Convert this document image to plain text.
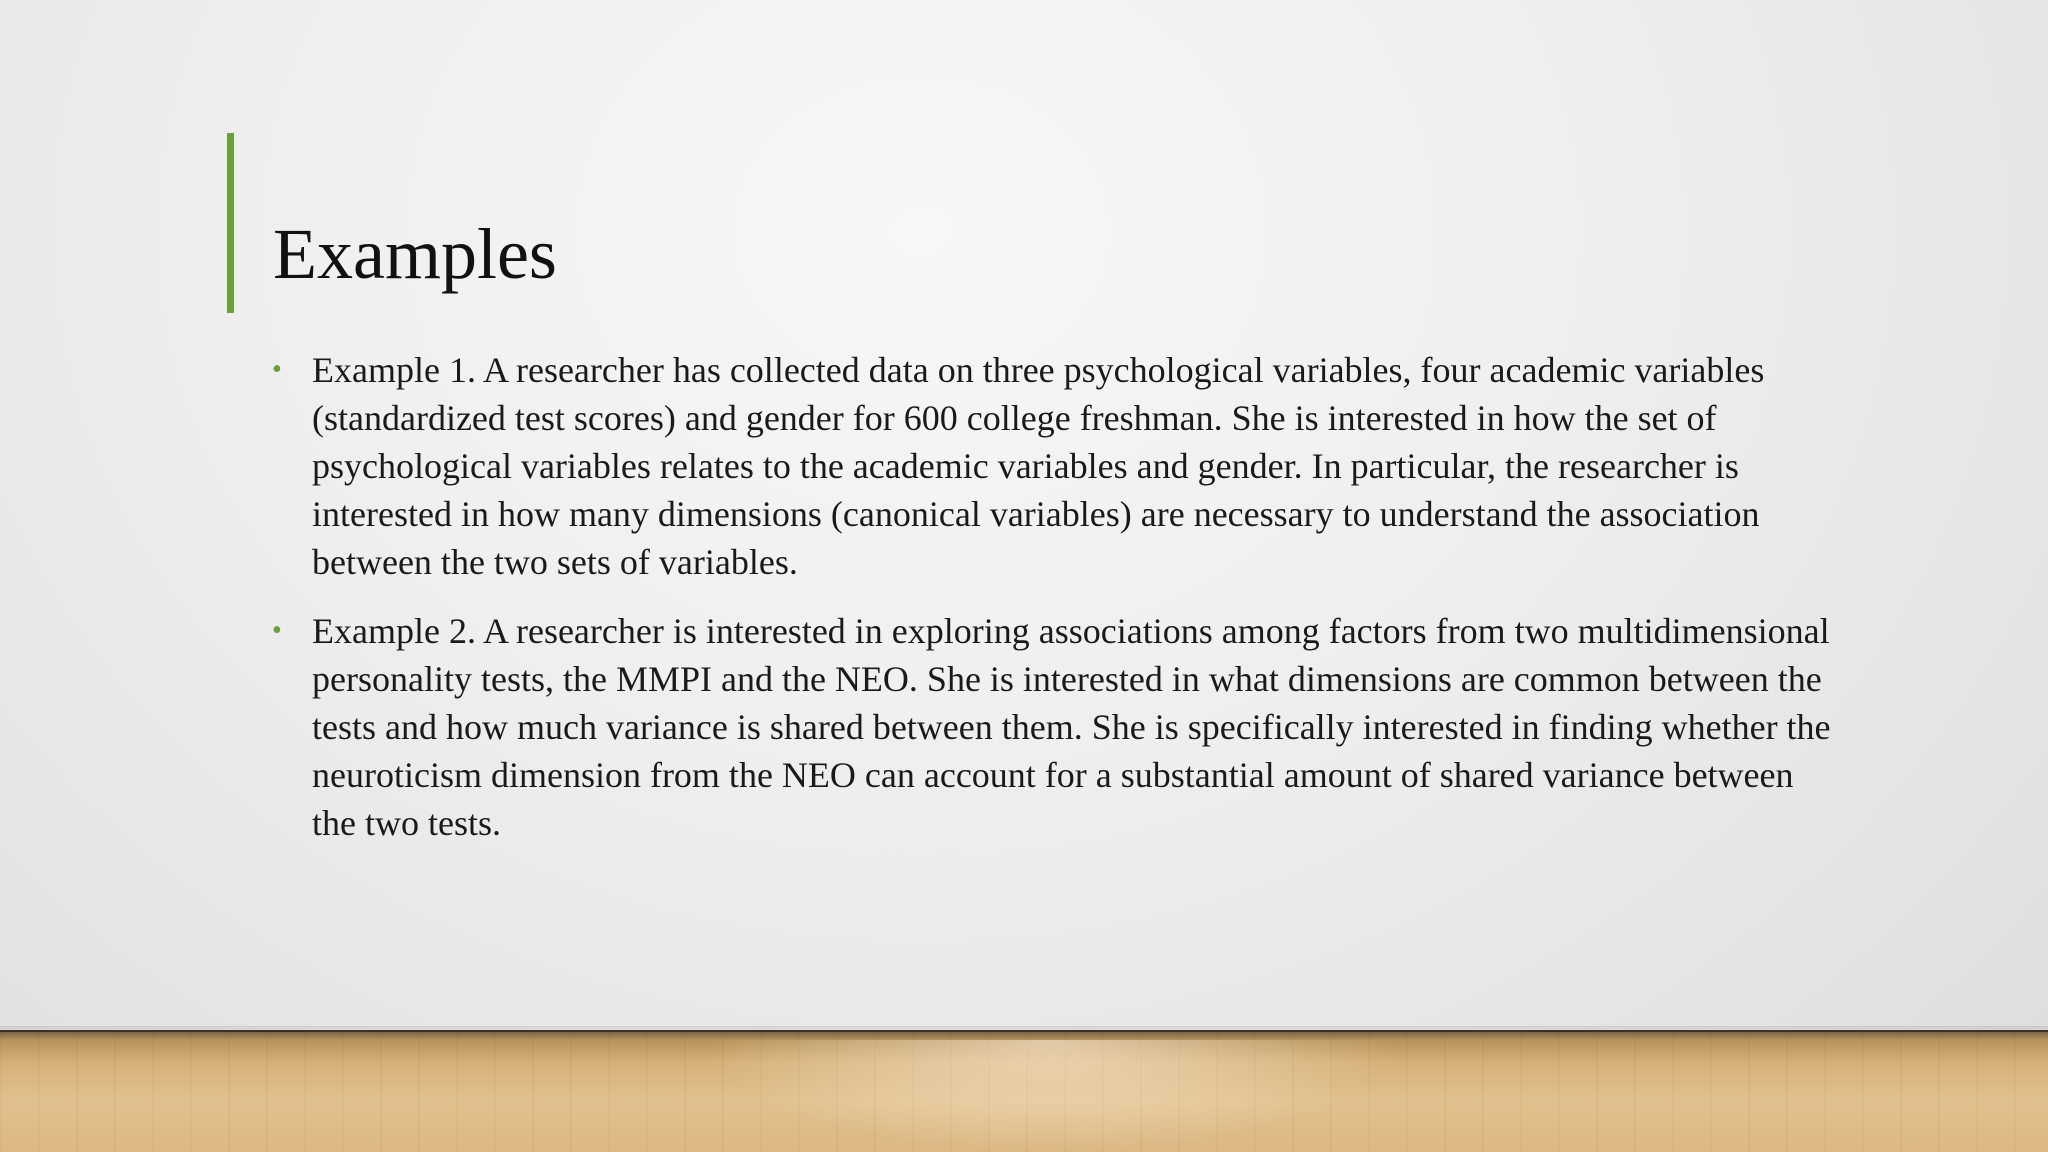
Examples
• Example 1. A researcher has collected data on three psychological variables, four academic variables (standardized test scores) and gender for 600 college freshman. She is interested in how the set of psychological variables relates to the academic variables and gender. In particular, the researcher is interested in how many dimensions (canonical variables) are necessary to understand the association between the two sets of variables.
• Example 2. A researcher is interested in exploring associations among factors from two multidimensional personality tests, the MMPI and the NEO. She is interested in what dimensions are common between the tests and how much variance is shared between them. She is specifically interested in finding whether the neuroticism dimension from the NEO can account for a substantial amount of shared variance between the two tests.
